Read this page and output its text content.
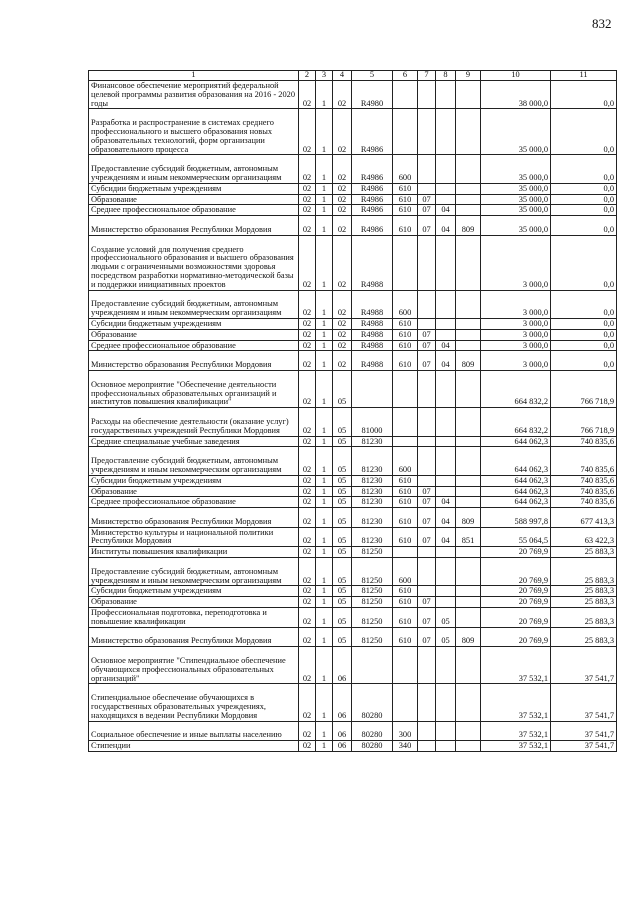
832
1	2	3	4	5	6	7	8	9	10	11
Финансовое обеспечение мероприятий федеральной целевой программы развития образования на 2016 - 2020 годы	02	1	02	R4980					38 000,0	0,0
Разработка и распространение в системах среднего профессионального и высшего образования новых образовательных технологий, форм организации образовательного процесса	02	1	02	R4986					35 000,0	0,0
Предоставление субсидий бюджетным, автономным учреждениям и иным некоммерческим организациям	02	1	02	R4986	600				35 000,0	0,0
Субсидии бюджетным учреждениям	02	1	02	R4986	610				35 000,0	0,0
Образование	02	1	02	R4986	610	07			35 000,0	0,0
Среднее профессиональное образование	02	1	02	R4986	610	07	04		35 000,0	0,0
Министерство образования Республики Мордовия	02	1	02	R4986	610	07	04	809	35 000,0	0,0
Создание условий для получения среднего профессионального образования и высшего образования людьми с ограниченными возможностями здоровья посредством разработки нормативно-методической базы и поддержки инициативных проектов	02	1	02	R4988					3 000,0	0,0
Предоставление субсидий бюджетным, автономным учреждениям и иным некоммерческим организациям	02	1	02	R4988	600				3 000,0	0,0
Субсидии бюджетным учреждениям	02	1	02	R4988	610				3 000,0	0,0
Образование	02	1	02	R4988	610	07			3 000,0	0,0
Среднее профессиональное образование	02	1	02	R4988	610	07	04		3 000,0	0,0
Министерство образования Республики Мордовия	02	1	02	R4988	610	07	04	809	3 000,0	0,0
Основное мероприятие "Обеспечение деятельности профессиональных образовательных организаций и институтов повышения квалификации"	02	1	05						664 832,2	766 718,9
Расходы на обеспечение деятельности (оказание услуг) государственных учреждений Республики Мордовия	02	1	05	81000					664 832,2	766 718,9
Средние специальные учебные заведения	02	1	05	81230					644 062,3	740 835,6
Предоставление субсидий бюджетным, автономным учреждениям и иным некоммерческим организациям	02	1	05	81230	600				644 062,3	740 835,6
Субсидии бюджетным учреждениям	02	1	05	81230	610				644 062,3	740 835,6
Образование	02	1	05	81230	610	07			644 062,3	740 835,6
Среднее профессиональное образование	02	1	05	81230	610	07	04		644 062,3	740 835,6
Министерство образования Республики Мордовия	02	1	05	81230	610	07	04	809	588 997,8	677 413,3
Министерство культуры и национальной политики Республики Мордовия	02	1	05	81230	610	07	04	851	55 064,5	63 422,3
Институты повышения квалификации	02	1	05	81250					20 769,9	25 883,3
Предоставление субсидий бюджетным, автономным учреждениям и иным некоммерческим организациям	02	1	05	81250	600				20 769,9	25 883,3
Субсидии бюджетным учреждениям	02	1	05	81250	610				20 769,9	25 883,3
Образование	02	1	05	81250	610	07			20 769,9	25 883,3
Профессиональная подготовка, переподготовка и повышение квалификации	02	1	05	81250	610	07	05		20 769,9	25 883,3
Министерство образования Республики Мордовия	02	1	05	81250	610	07	05	809	20 769,9	25 883,3
Основное мероприятие "Стипендиальное обеспечение обучающихся профессиональных образовательных организаций"	02	1	06						37 532,1	37 541,7
Стипендиальное обеспечение обучающихся в государственных образовательных учреждениях, находящихся в ведении Республики Мордовия	02	1	06	80280					37 532,1	37 541,7
Социальное обеспечение и иные выплаты населению	02	1	06	80280	300				37 532,1	37 541,7
Стипендии	02	1	06	80280	340				37 532,1	37 541,7
